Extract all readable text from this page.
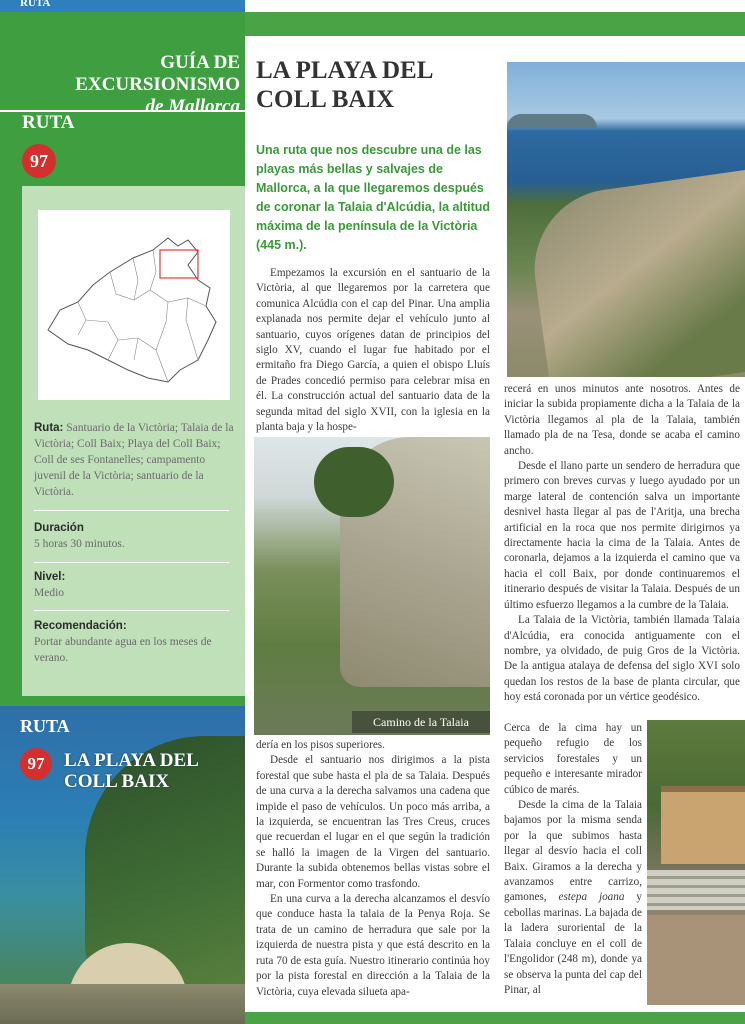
RUTA
GUÍA DE EXCURSIONISMO
de Mallorca
RUTA
97
Ruta: Santuario de la Victòria; Talaia de la Victòria; Coll Baix; Playa del Coll Baix; Coll de ses Fontanelles; campamento juvenil de la Victòria; santuario de la Victòria.
Duración
5 horas 30 minutos.
Nivel:
Medio
Recomendación:
Portar abundante agua en los meses de verano.
RUTA
97	LA PLAYA DEL
COLL BAIX
LA PLAYA DEL
COLL BAIX
Una ruta que nos descubre una de las playas más bellas y salvajes de Mallorca, a la que llegaremos después de coronar la Talaia d'Alcúdia, la altitud máxima de la península de la Victòria (445 m.).

Empezamos la excursión en el santuario de la Victòria, al que llegaremos por la carretera que comunica Alcúdia con el cap del Pinar. Una amplia explanada nos permite dejar el vehículo junto al santuario, cuyos orígenes datan de principios del siglo XV, cuando el lugar fue habitado por el ermitaño fra Diego García, a quien el obispo Lluís de Prades concedió permiso para celebrar misa en él. La construcción actual del santuario data de la segunda mitad del siglo XVII, con la iglesia en la planta baja y la hospe-

Camino de la Talaia

dería en los pisos superiores.

Desde el santuario nos dirigimos a la pista forestal que sube hasta el pla de sa Talaia. Después de una curva a la derecha salvamos una cadena que impide el paso de vehículos. Un poco más arriba, a la izquierda, se encuentran las Tres Creus, cruces que recuerdan el lugar en el que según la tradición se halló la imagen de la Virgen del santuario. Durante la subida obtenemos bellas vistas sobre el mar, con Formentor como trasfondo.

En una curva a la derecha alcanzamos el desvío que conduce hasta la talaia de la Penya Roja. Se trata de un camino de herradura que sale por la izquierda de nuestra pista y que está descrito en la ruta 70 de esta guía. Nuestro itinerario continúa hoy por la pista forestal en dirección a la Talaia de la Victòria, cuya elevada silueta apa-

recerá en unos minutos ante nosotros. Antes de iniciar la subida propiamente dicha a la Talaia de la Victòria llegamos al pla de la Talaia, también llamado pla de na Tesa, donde se acaba el camino ancho.

Desde el llano parte un sendero de herradura que primero con breves curvas y luego ayudado por un marge lateral de contención salva un importante desnivel hasta llegar al pas de l'Aritja, una brecha artificial en la roca que nos permite dirigirnos ya directamente hacia la cima de la Talaia. Antes de coronarla, dejamos a la izquierda el camino que va hacia el coll Baix, por donde continuaremos el itinerario después de visitar la Talaia. Después de un último esfuerzo llegamos a la cumbre de la Talaia.

La Talaia de la Victòria, también llamada Talaia d'Alcúdia, era conocida antiguamente con el nombre, ya olvidado, de puig Gros de la Victòria. De la antigua atalaya de defensa del siglo XVI solo quedan los restos de la base de planta circular, que hoy está coronada por un vértice geodésico.

Cerca de la cima hay un pequeño refugio de los servicios forestales y un pequeño e interesante mirador cúbico de marés.

Desde la cima de la Talaia bajamos por la misma senda por la que subimos hasta llegar al desvío hacia el coll Baix. Giramos a la derecha y avanzamos entre carrizo, gamones, estepa joana y cebollas marinas. La bajada de la ladera suroriental de la Talaia concluye en el coll de l'Engolidor (248 m), donde ya se observa la punta del cap del Pinar, al
